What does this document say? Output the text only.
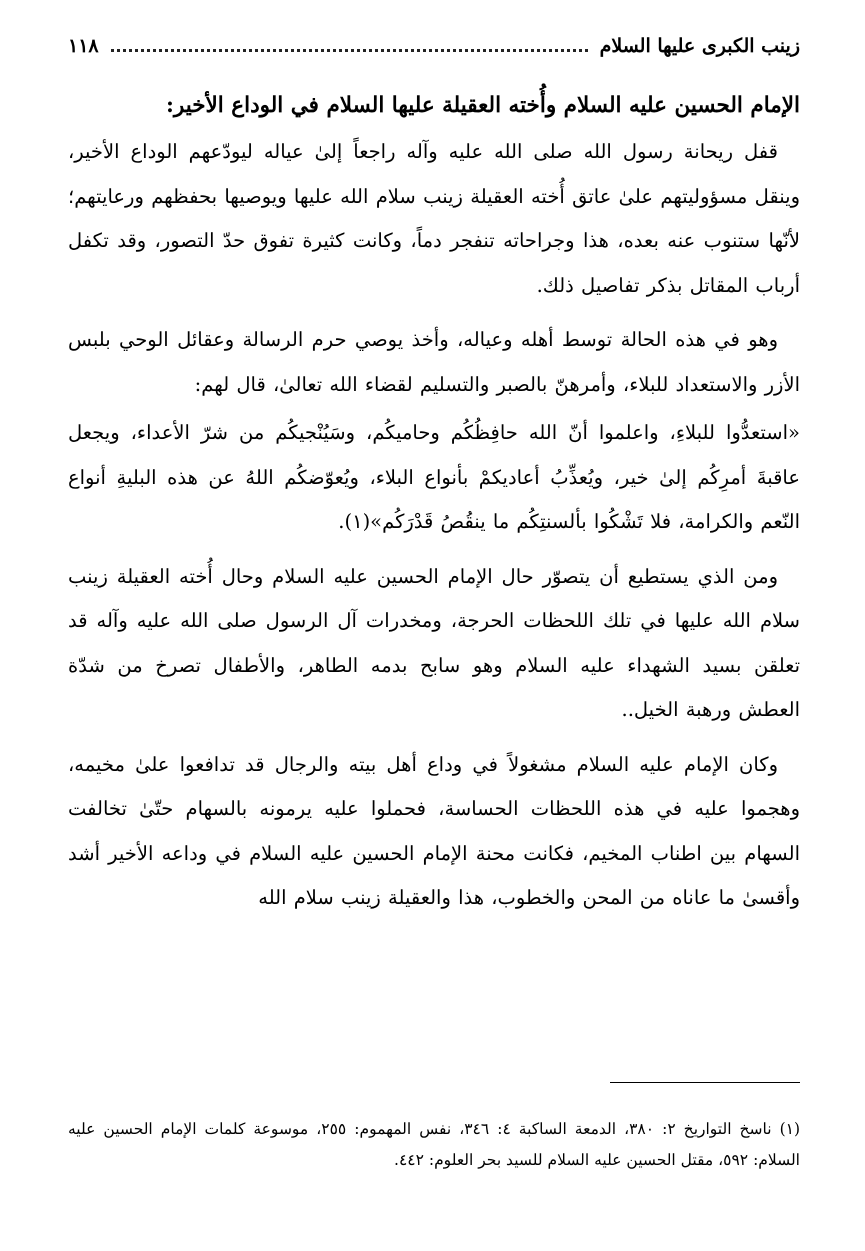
زينب الكبرى عليها السلام
١١٨
الإمام الحسين عليه السلام وأُخته العقيلة عليها السلام في الوداع الأخير:

قفل ريحانة رسول الله صلى الله عليه وآله راجعاً إلىٰ عياله ليودّعهم الوداع الأخير، وينقل مسؤوليتهم علىٰ عاتق أُخته العقيلة زينب سلام الله عليها ويوصيها بحفظهم ورعايتهم؛ لأنّها ستنوب عنه بعده، هذا وجراحاته تنفجر دماً، وكانت كثيرة تفوق حدّ التصور، وقد تكفل أرباب المقاتل بذكر تفاصيل ذلك.

وهو في هذه الحالة توسط أهله وعياله، وأخذ يوصي حرم الرسالة وعقائل الوحي بلبس الأزر والاستعداد للبلاء، وأمرهنّ بالصبر والتسليم لقضاء الله تعالىٰ، قال لهم:

«استعدُّوا للبلاءِ، واعلموا أنّ الله حافِظُكُم وحاميكُم، وسَيُنْجيكُم من شرّ الأعداء، ويجعل عاقبةَ أمرِكُم إلىٰ خير، ويُعذِّبُ أعاديكمْ بأنواع البلاء، ويُعوّضكُم اللهُ عن هذه البليةِ أنواع النّعم والكرامة، فلا تَشْكُوا بألسنتِكُم ما ينقُصُ قَدْرَكُم»(١).

ومن الذي يستطيع أن يتصوّر حال الإمام الحسين عليه السلام وحال أُخته العقيلة زينب سلام الله عليها في تلك اللحظات الحرجة، ومخدرات آل الرسول صلى الله عليه وآله قد تعلقن بسيد الشهداء عليه السلام وهو سابح بدمه الطاهر، والأطفال تصرخ من شدّة العطش ورهبة الخيل..

وكان الإمام عليه السلام مشغولاً في وداع أهل بيته والرجال قد تدافعوا علىٰ مخيمه، وهجموا عليه في هذه اللحظات الحساسة، فحملوا عليه يرمونه بالسهام حتّىٰ تخالفت السهام بين اطناب المخيم، فكانت محنة الإمام الحسين عليه السلام في وداعه الأخير أشد وأقسىٰ ما عاناه من المحن والخطوب، هذا والعقيلة زينب سلام الله

(١) ناسخ التواريخ ٢: ٣٨٠، الدمعة الساكبة ٤: ٣٤٦، نفس المهموم: ٢٥٥، موسوعة كلمات الإمام الحسين عليه السلام: ٥٩٢، مقتل الحسين عليه السلام للسيد بحر العلوم: ٤٤٢.
